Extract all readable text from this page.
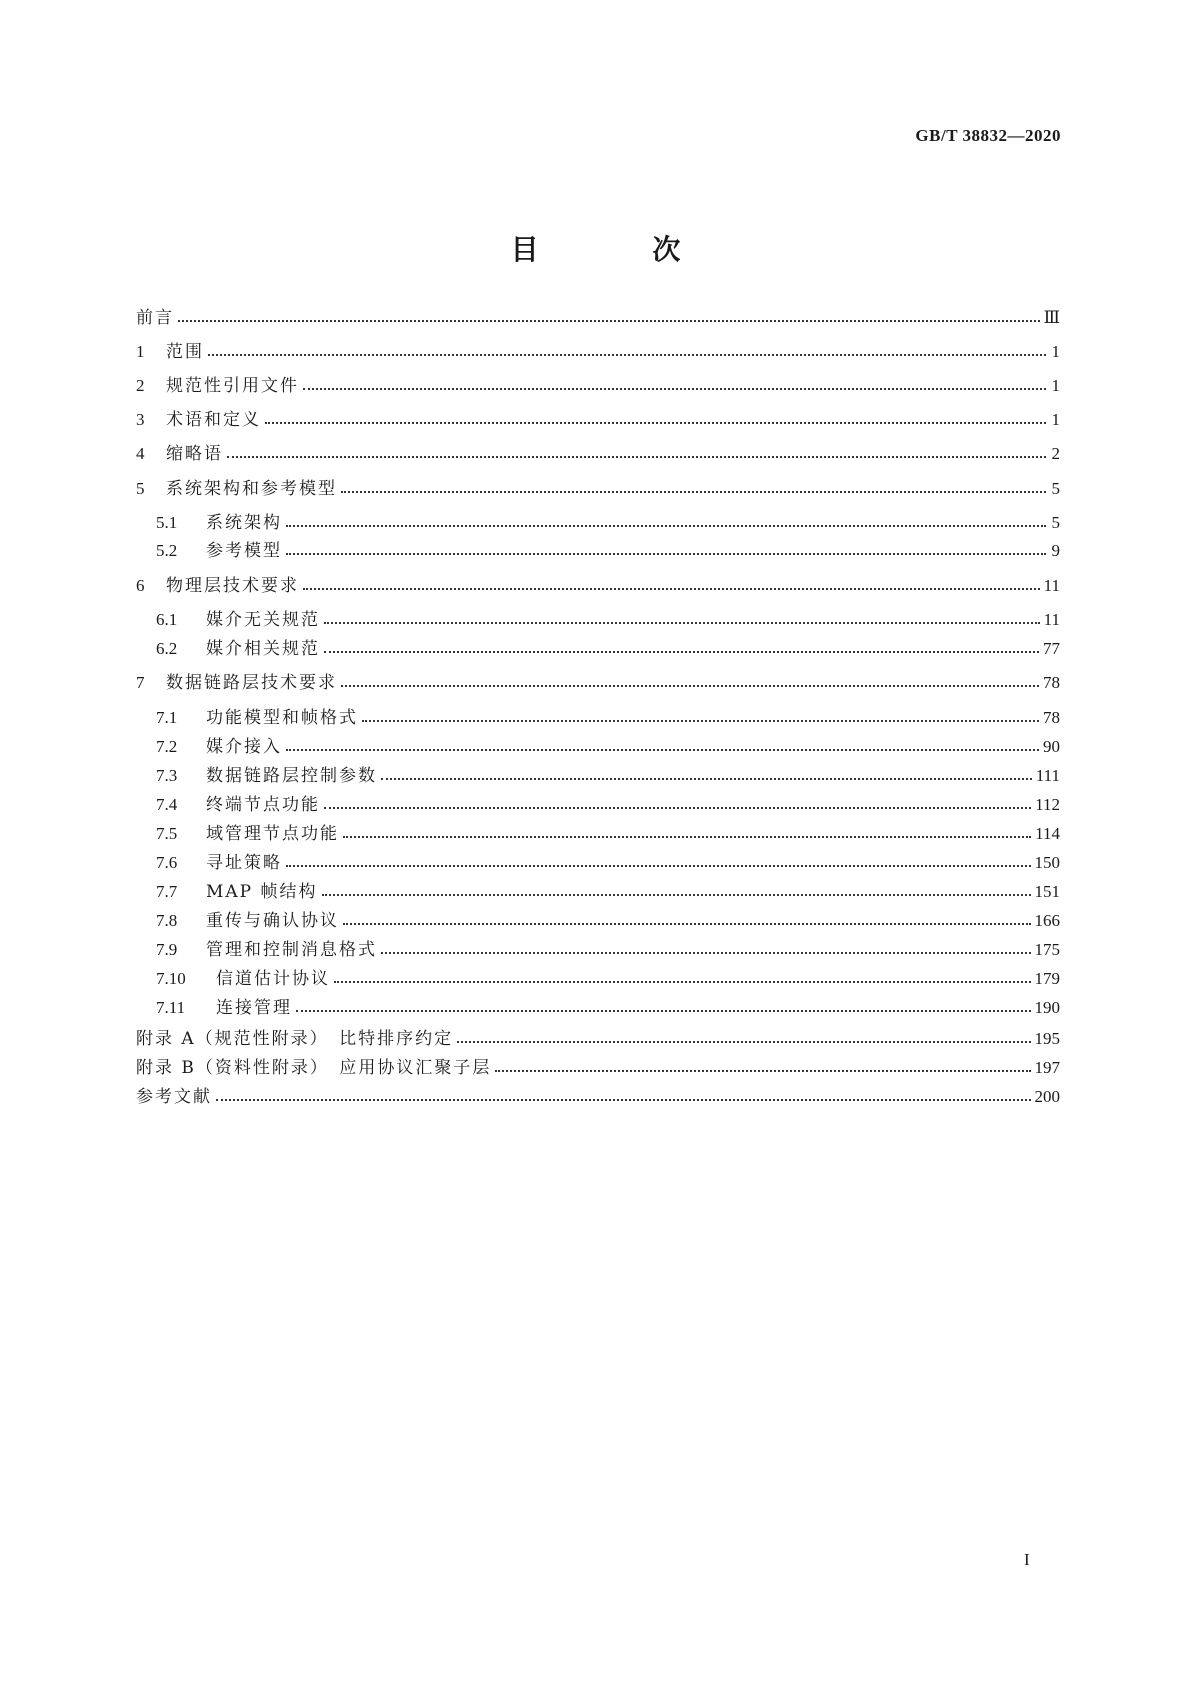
GB/T 38832—2020
目 次
前言	Ⅲ
1	范围	1
2	规范性引用文件	1
3	术语和定义	1
4	缩略语	2
5	系统架构和参考模型	5
5.1	系统架构	5
5.2	参考模型	9
6	物理层技术要求	11
6.1	媒介无关规范	11
6.2	媒介相关规范	77
7	数据链路层技术要求	78
7.1	功能模型和帧格式	78
7.2	媒介接入	90
7.3	数据链路层控制参数	111
7.4	终端节点功能	112
7.5	域管理节点功能	114
7.6	寻址策略	150
7.7	MAP 帧结构	151
7.8	重传与确认协议	166
7.9	管理和控制消息格式	175
7.10	信道估计协议	179
7.11	连接管理	190
附录 A（规范性附录）　比特排序约定	195
附录 B（资料性附录）　应用协议汇聚子层	197
参考文献	200
I
